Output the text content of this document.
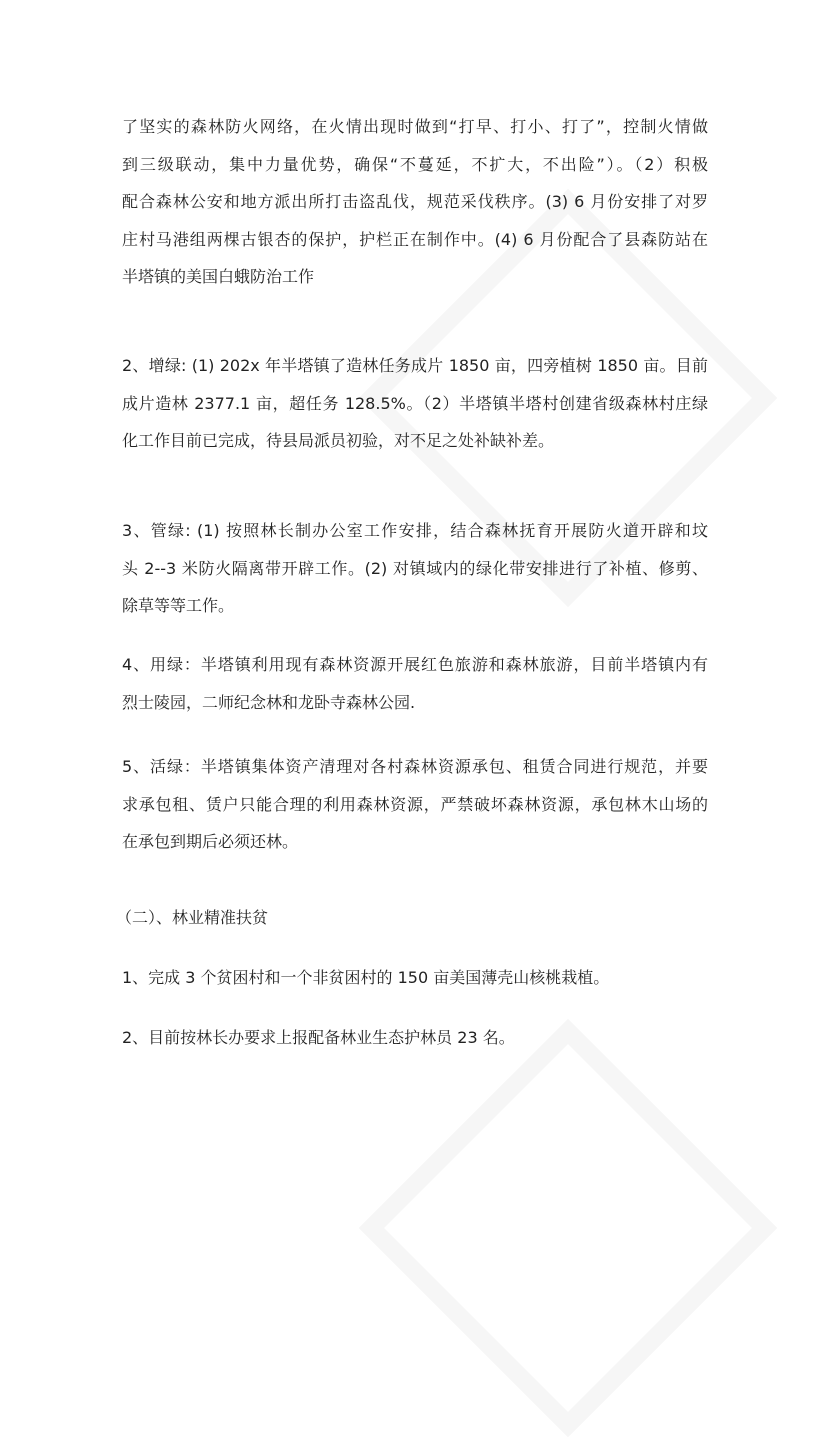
了坚实的森林防火网络，在火情出现时做到“打早、打小、打了”，控制火情做
到三级联动，集中力量优势，确保“不蔓延，不扩大，不出险”）。（2）积极
配合森林公安和地方派出所打击盗乱伐，规范采伐秩序。(3) 6 月份安排了对罗
庄村马港组两棵古银杏的保护，护栏正在制作中。(4) 6 月份配合了县森防站在
半塔镇的美国白蛾防治工作
2、增绿: (1) 202x 年半塔镇了造林任务成片 1850 亩，四旁植树 1850 亩。目前
成片造林 2377.1 亩，超任务 128.5%。（2）半塔镇半塔村创建省级森林村庄绿
化工作目前已完成，待县局派员初验，对不足之处补缺补差。
3、管绿: (1) 按照林长制办公室工作安排，结合森林抚育开展防火道开辟和坟
头 2--3 米防火隔离带开辟工作。(2) 对镇域内的绿化带安排进行了补植、修剪、
除草等等工作。
4、用绿：半塔镇利用现有森林资源开展红色旅游和森林旅游，目前半塔镇内有
烈士陵园，二师纪念林和龙卧寺森林公园.
5、活绿：半塔镇集体资产清理对各村森林资源承包、租赁合同进行规范，并要
求承包租、赁户只能合理的利用森林资源，严禁破坏森林资源，承包林木山场的
在承包到期后必须还林。
（二）、林业精准扶贫
1、完成 3 个贫困村和一个非贫困村的 150 亩美国薄壳山核桃栽植。
2、目前按林长办要求上报配备林业生态护林员 23 名。
